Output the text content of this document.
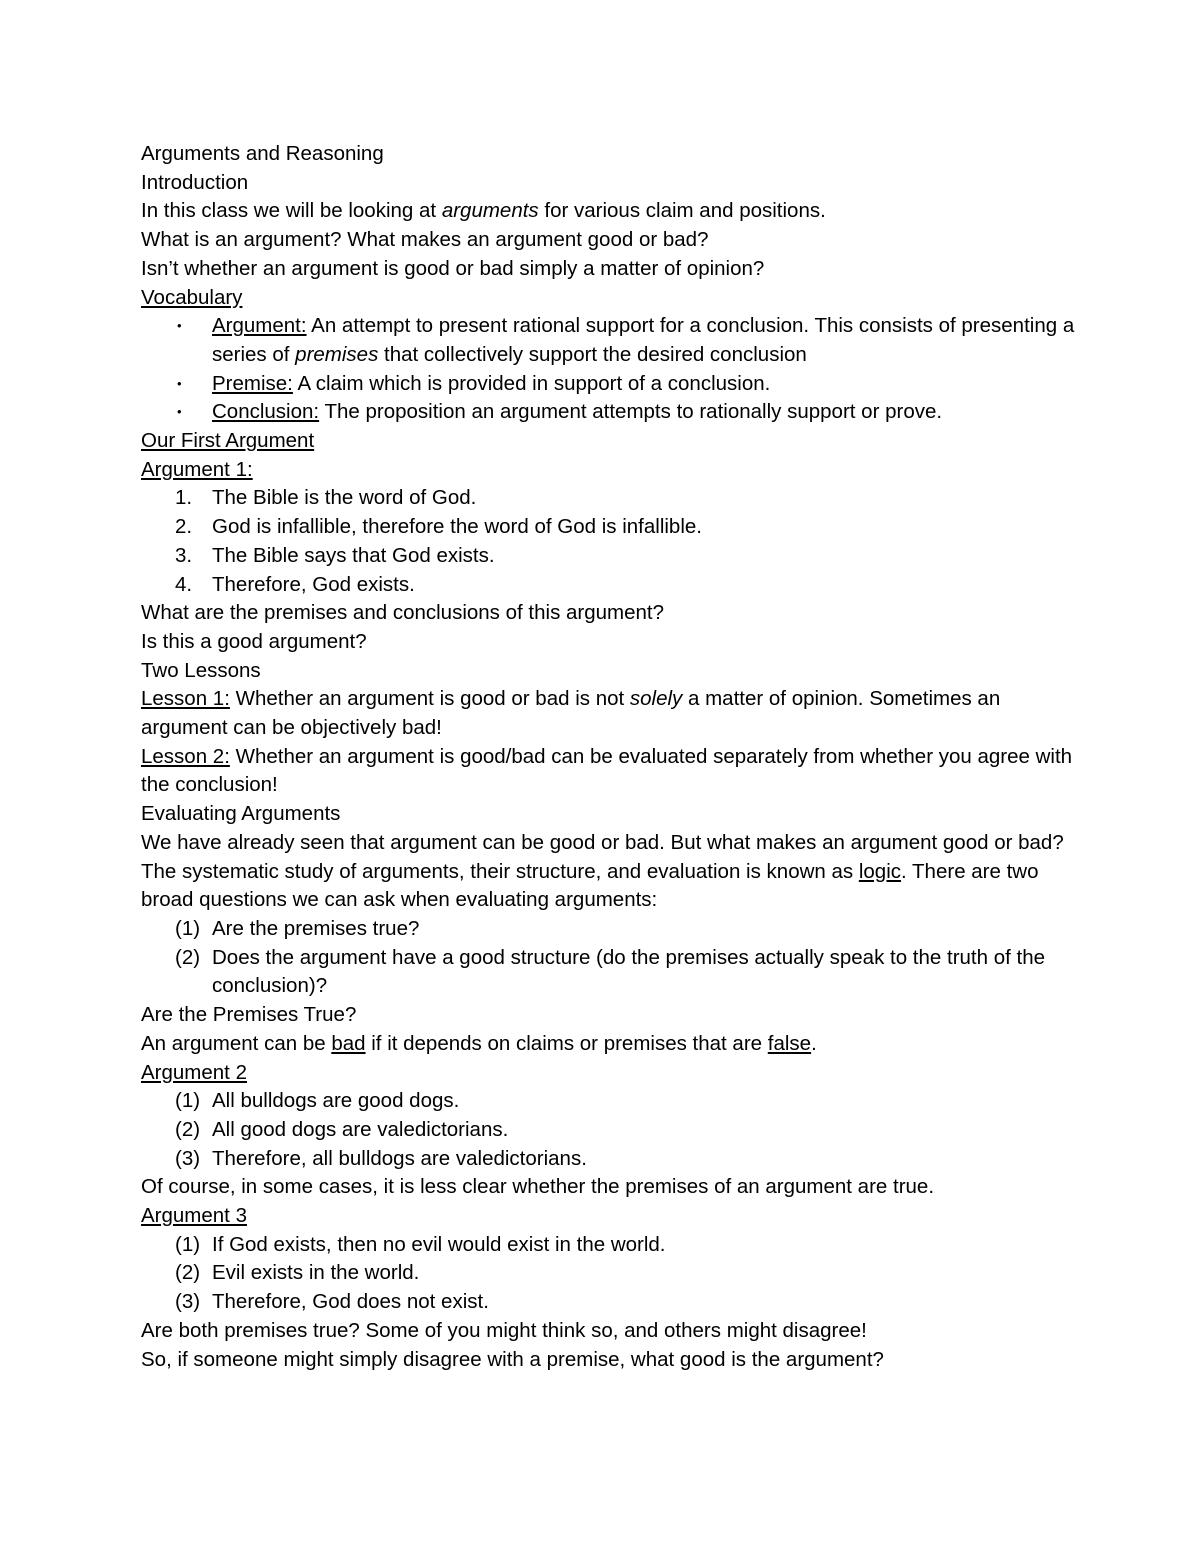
Arguments and Reasoning
Introduction
In this class we will be looking at arguments for various claim and positions.
What is an argument? What makes an argument good or bad?
Isn’t whether an argument is good or bad simply a matter of opinion?
Vocabulary
• Argument: An attempt to present rational support for a conclusion. This consists of presenting a series of premises that collectively support the desired conclusion
• Premise: A claim which is provided in support of a conclusion.
• Conclusion: The proposition an argument attempts to rationally support or prove.
Our First Argument
Argument 1:
1. The Bible is the word of God.
2. God is infallible, therefore the word of God is infallible.
3. The Bible says that God exists.
4. Therefore, God exists.
What are the premises and conclusions of this argument?
Is this a good argument?
Two Lessons
Lesson 1: Whether an argument is good or bad is not solely a matter of opinion. Sometimes an argument can be objectively bad!
Lesson 2: Whether an argument is good/bad can be evaluated separately from whether you agree with the conclusion!
Evaluating Arguments
We have already seen that argument can be good or bad. But what makes an argument good or bad?
The systematic study of arguments, their structure, and evaluation is known as logic. There are two broad questions we can ask when evaluating arguments:
(1) Are the premises true?
(2) Does the argument have a good structure (do the premises actually speak to the truth of the conclusion)?
Are the Premises True?
An argument can be bad if it depends on claims or premises that are false.
Argument 2
(1) All bulldogs are good dogs.
(2) All good dogs are valedictorians.
(3) Therefore, all bulldogs are valedictorians.
Of course, in some cases, it is less clear whether the premises of an argument are true.
Argument 3
(1) If God exists, then no evil would exist in the world.
(2) Evil exists in the world.
(3) Therefore, God does not exist.
Are both premises true? Some of you might think so, and others might disagree!
So, if someone might simply disagree with a premise, what good is the argument?
